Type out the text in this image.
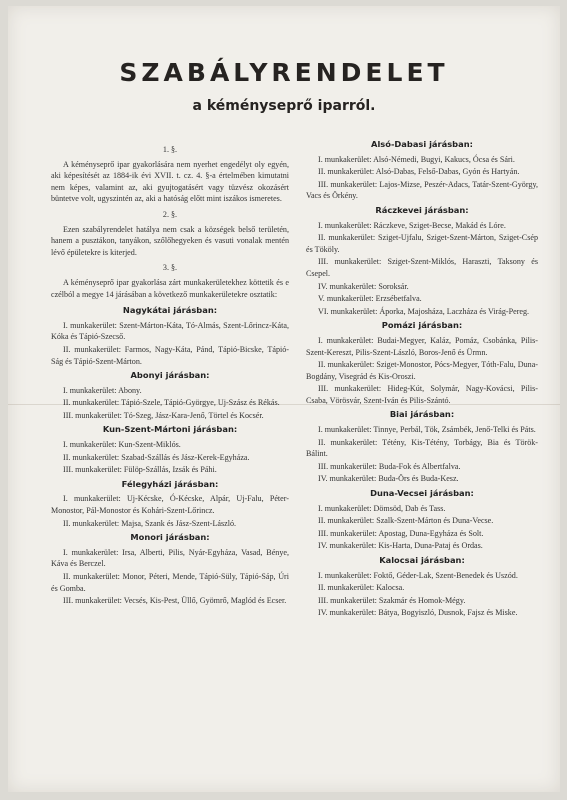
SZABÁLYRENDELET
a kéményseprő iparról.
1. §.
A kéményseprő ipar gyakorlására nem nyerhet engedélyt oly egyén, aki képesítését az 1884-ik évi XVII. t. cz. 4. §-a értelmében kimutatni nem képes, valamint az, aki gyujtogatásért vagy tüzvész okozásért büntetve volt, ugyszintén az, aki a hatóság előtt mint iszákos ismeretes.
2. §.
Ezen szabályrendelet hatálya nem csak a községek belső területén, hanem a pusztákon, tanyákon, szőlőhegyeken és vasuti vonalak mentén lévő épületekre is kiterjed.
3. §.
A kéményseprő ipar gyakorlása zárt munkakerületekhez köttetik és e czélból a megye 14 járásában a következő munkakerületekre osztatik:
Nagykátai járásban:
I. munkakerület: Szent-Márton-Káta, Tó-Almás, Szent-Lőrincz-Káta, Kóka és Tápió-Szecső.
II. munkakerület: Farmos, Nagy-Káta, Pánd, Tápió-Bicske, Tápió-Ság és Tápió-Szent-Márton.
Abonyi járásban:
I. munkakerület: Abony.
II. munkakerület: Tápió-Szele, Tápió-Györgye, Uj-Szász és Rékás.
III. munkakerület: Tó-Szeg, Jász-Kara-Jenő, Törtel és Kocsér.
Kun-Szent-Mártoni járásban:
I. munkakerület: Kun-Szent-Miklós.
II. munkakerület: Szabad-Szállás és Jász-Kerek-Egyháza.
III. munkakerület: Fülöp-Szállás, Izsák és Páhi.
Félegyházi járásban:
I. munkakerület: Uj-Kécske, Ó-Kécske, Alpár, Uj-Falu, Péter-Monostor, Pál-Monostor és Kohári-Szent-Lőrincz.
II. munkakerület: Majsa, Szank és Jász-Szent-László.
Monori járásban:
I. munkakerület: Irsa, Alberti, Pilis, Nyár-Egyháza, Vasad, Bénye, Káva és Berczel.
II. munkakerület: Monor, Péteri, Mende, Tápió-Süly, Tápió-Sáp, Úri és Gomba.
III. munkakerület: Vecsés, Kis-Pest, Üllő, Gyömrő, Maglód és Ecser.
Alsó-Dabasi járásban:
I. munkakerület: Alsó-Némedi, Bugyi, Kakucs, Ócsa és Sári.
II. munkakerület: Alsó-Dabas, Felső-Dabas, Gyón és Hartyán.
III. munkakerület: Lajos-Mizse, Peszér-Adacs, Tatár-Szent-György, Vacs és Örkény.
Ráczkevei járásban:
I. munkakerület: Ráczkeve, Sziget-Becse, Makád és Lóre.
II. munkakerület: Sziget-Ujfalu, Sziget-Szent-Márton, Sziget-Csép és Tököly.
III. munkakerület: Sziget-Szent-Miklós, Haraszti, Taksony és Csepel.
IV. munkakerület: Soroksár.
V. munkakerület: Erzsébetfalva.
VI. munkakerület: Áporka, Majosháza, Laczháza és Virág-Pereg.
Pomázi járásban:
I. munkakerület: Budai-Megyer, Kaláz, Pomáz, Csobánka, Pilis-Szent-Kereszt, Pilis-Szent-László, Boros-Jenő és Ürmn.
II. munkakerület: Sziget-Monostor, Pócs-Megyer, Tóth-Falu, Duna-Bogdány, Visegrád és Kis-Oroszi.
III. munkakerület: Hideg-Kút, Solymár, Nagy-Kovácsi, Pilis-Csaba, Vörösvár, Szent-Iván és Pilis-Szántó.
Biai járásban:
I. munkakerület: Tinnye, Perbál, Tök, Zsámbék, Jenő-Telki és Páts.
II. munkakerület: Tétény, Kis-Tétény, Torbágy, Bia és Török-Bálint.
III. munkakerület: Buda-Fok és Albertfalva.
IV. munkakerület: Buda-Örs és Buda-Kesz.
Duna-Vecsei járásban:
I. munkakerület: Dömsöd, Dab és Tass.
II. munkakerület: Szalk-Szent-Márton és Duna-Vecse.
III. munkakerület: Apostag, Duna-Egyháza és Solt.
IV. munkakerület: Kis-Harta, Duna-Pataj és Ordas.
Kalocsai járásban:
I. munkakerület: Foktő, Géder-Lak, Szent-Benedek és Uszód.
II. munkakerület: Kalocsa.
III. munkakerület: Szakmár és Homok-Mégy.
IV. munkakerület: Bátya, Bogyiszló, Dusnok, Fajsz és Miske.
